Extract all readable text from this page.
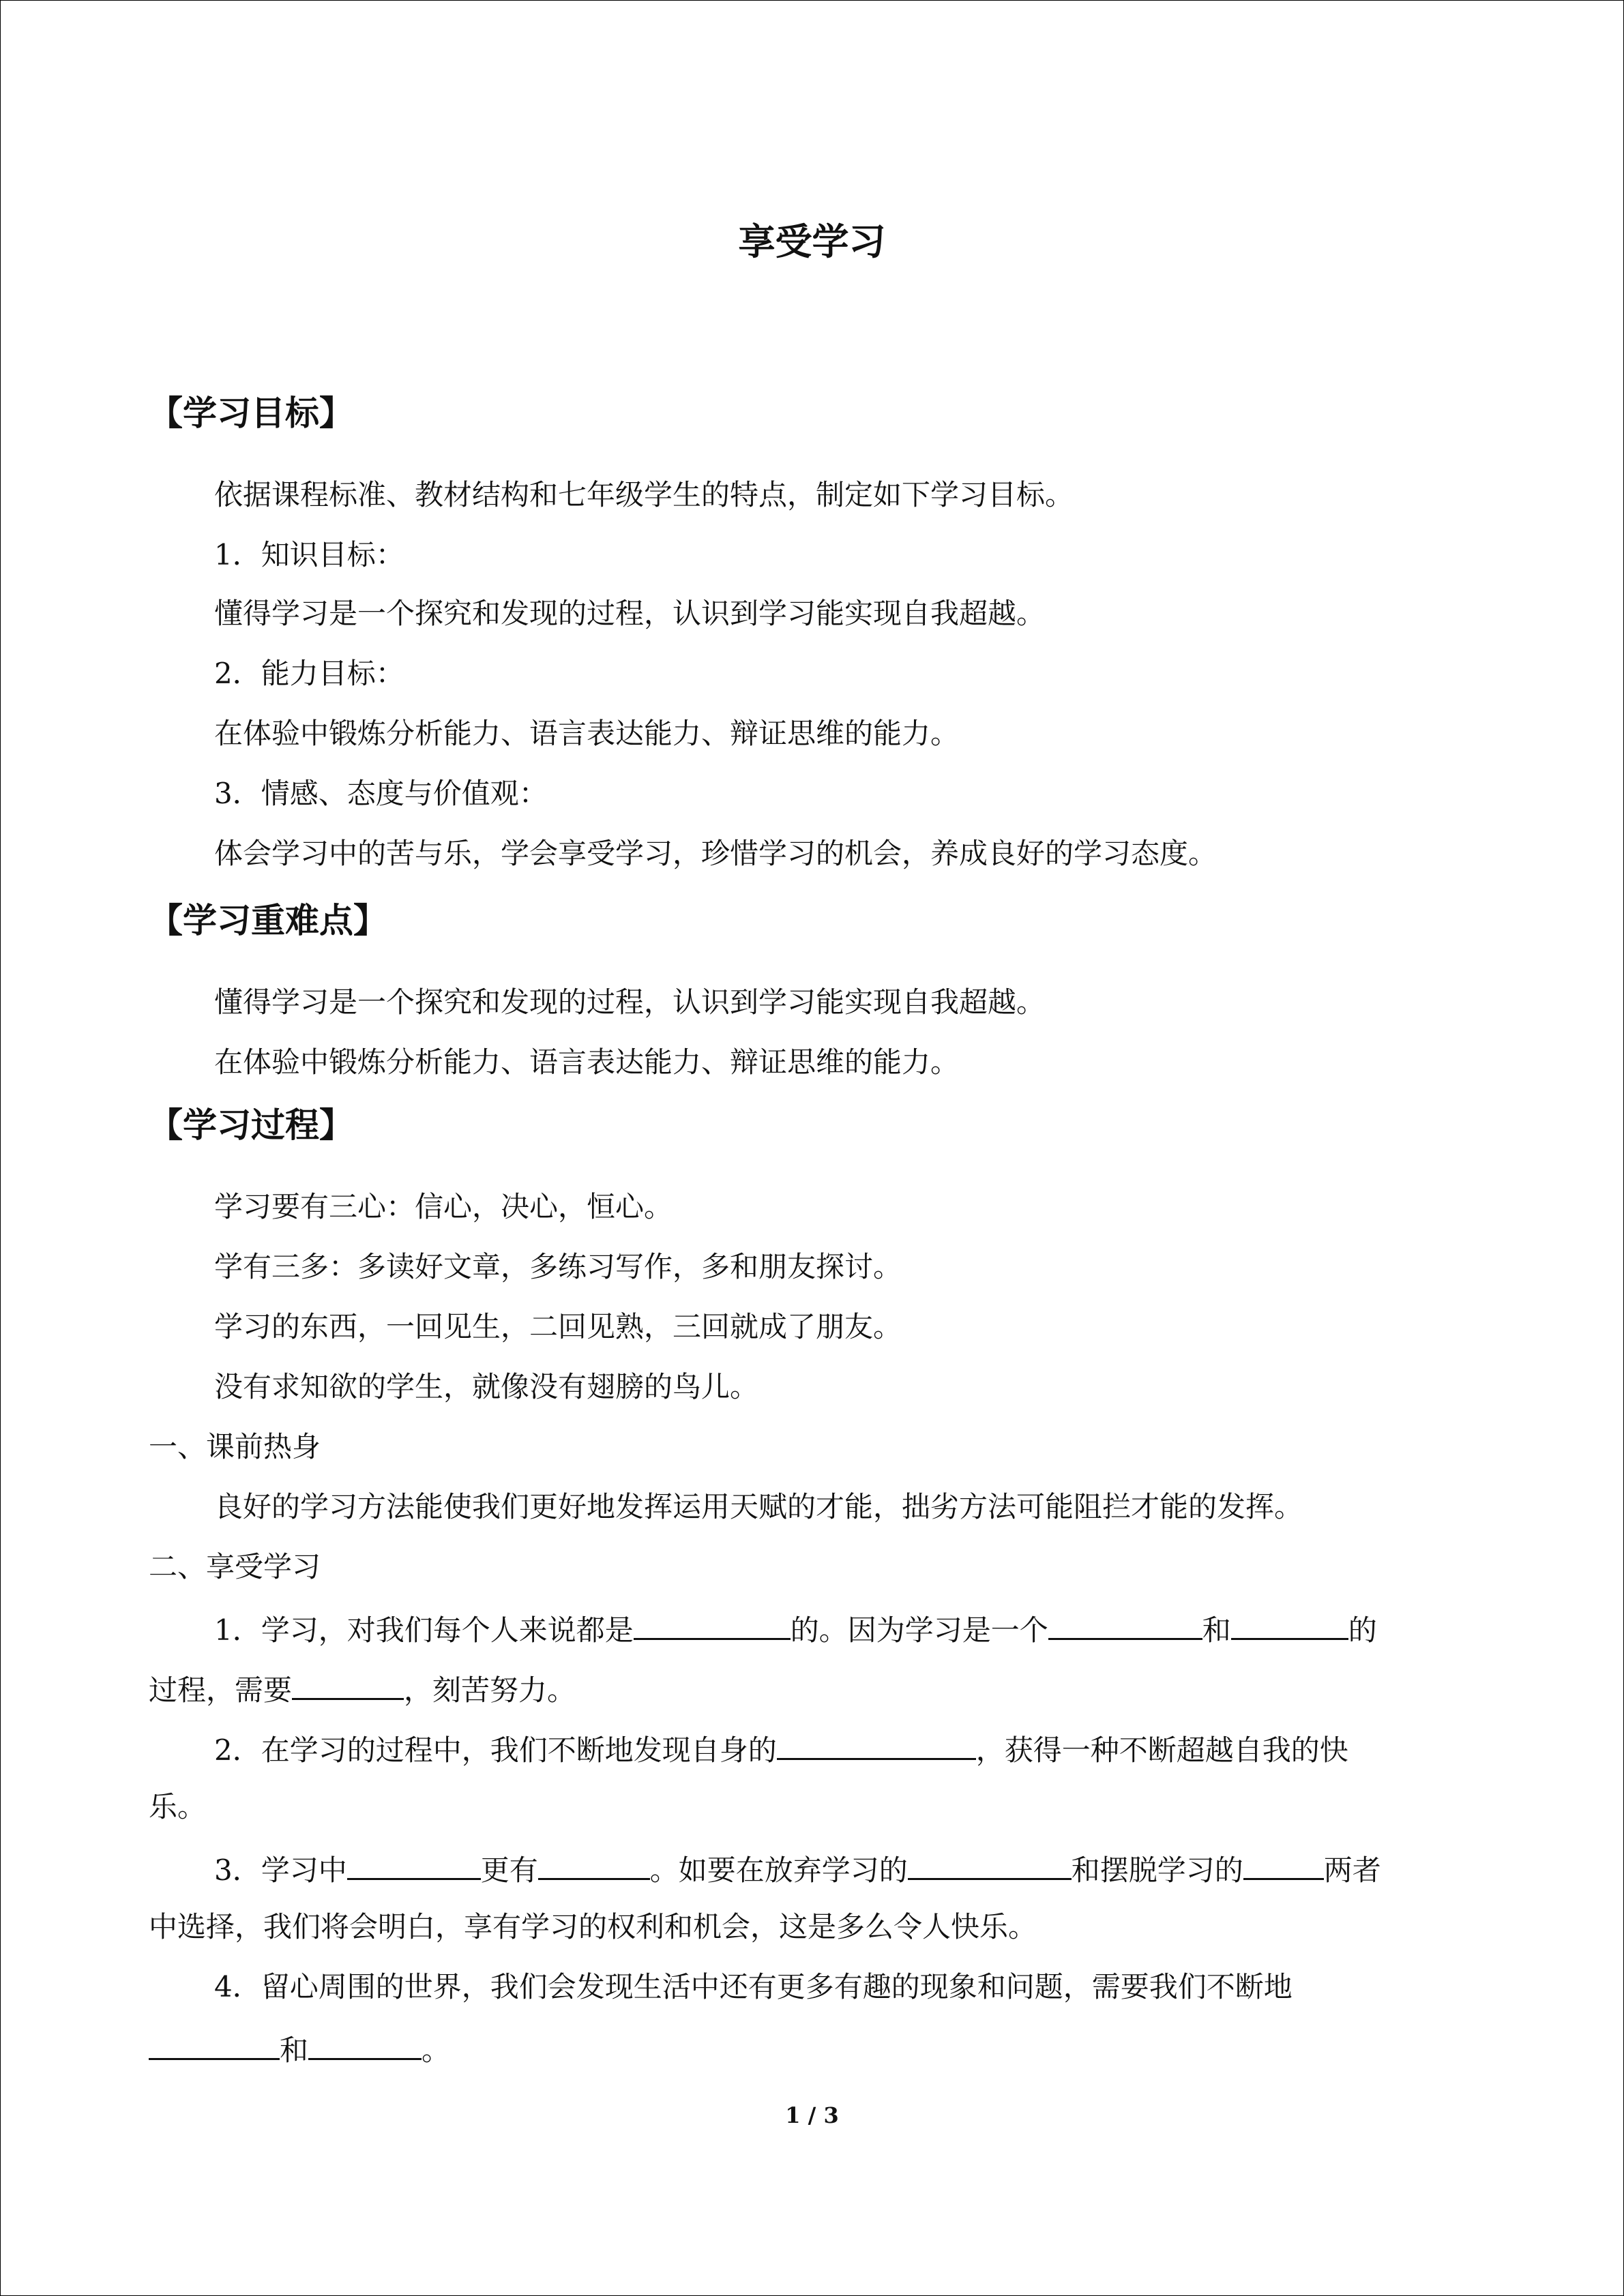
享受学习
【学习目标】
依据课程标准、教材结构和七年级学生的特点，制定如下学习目标。
1．知识目标：
懂得学习是一个探究和发现的过程，认识到学习能实现自我超越。
2．能力目标：
在体验中锻炼分析能力、语言表达能力、辩证思维的能力。
3．情感、态度与价值观：
体会学习中的苦与乐，学会享受学习，珍惜学习的机会，养成良好的学习态度。
【学习重难点】
懂得学习是一个探究和发现的过程，认识到学习能实现自我超越。
在体验中锻炼分析能力、语言表达能力、辩证思维的能力。
【学习过程】
学习要有三心：信心，决心，恒心。
学有三多：多读好文章，多练习写作，多和朋友探讨。
学习的东西，一回见生，二回见熟，三回就成了朋友。
没有求知欲的学生，就像没有翅膀的鸟儿。
一、课前热身
良好的学习方法能使我们更好地发挥运用天赋的才能，拙劣方法可能阻拦才能的发挥。
二、享受学习
1．学习，对我们每个人来说都是	的。因为学习是一个	和	的
过程，需要	，刻苦努力。
2．在学习的过程中，我们不断地发现自身的	，获得一种不断超越自我的快
乐。
3．学习中	更有	。如要在放弃学习的	和摆脱学习的	两者
中选择，我们将会明白，享有学习的权利和机会，这是多么令人快乐。
4．留心周围的世界，我们会发现生活中还有更多有趣的现象和问题，需要我们不断地
和	。
1 / 3
